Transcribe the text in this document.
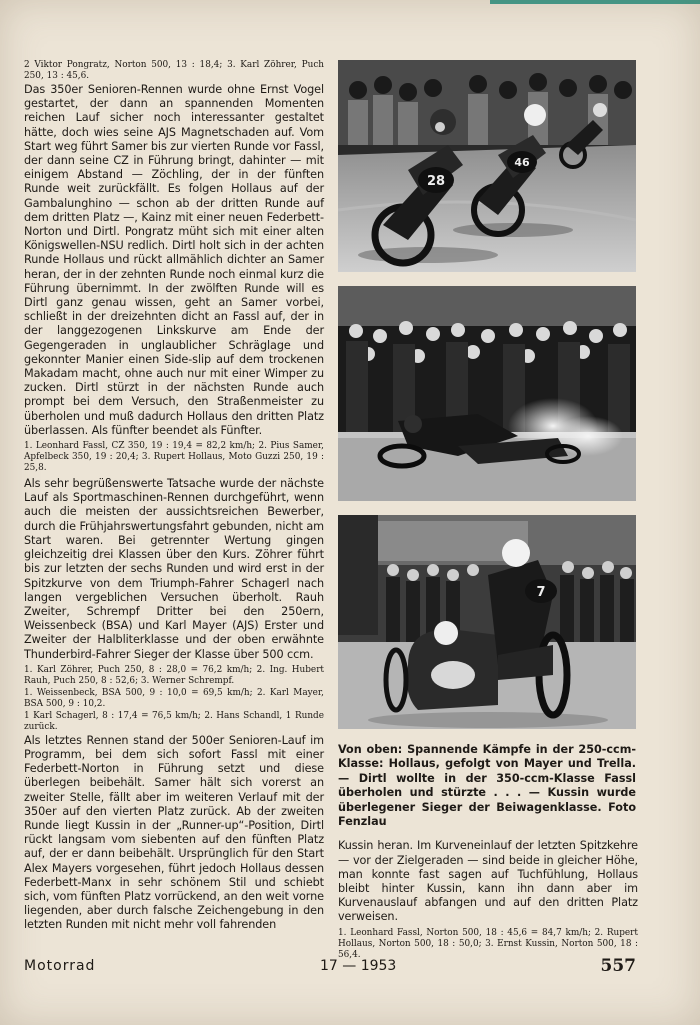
2 Viktor Pongratz, Norton 500, 13 : 18,4; 3. Karl Zöhrer, Puch 250, 13 : 45,6.

Das 350er Senioren-Rennen wurde ohne Ernst Vogel gestartet, der dann an spannenden Momenten reichen Lauf sicher noch interessanter gestaltet hätte, doch wies seine AJS Magnetschaden auf. Vom Start weg führt Samer bis zur vierten Runde vor Fassl, der dann seine CZ in Führung bringt, dahinter — mit einigem Abstand — Zöchling, der in der fünften Runde weit zurückfällt. Es folgen Hollaus auf der Gambalunghino — schon ab der dritten Runde auf dem dritten Platz —, Kainz mit einer neuen Federbett-Norton und Dirtl. Pongratz müht sich mit einer alten Königswellen-NSU redlich. Dirtl holt sich in der achten Runde Hollaus und rückt allmählich dichter an Samer heran, der in der zehnten Runde noch einmal kurz die Führung übernimmt. In der zwölften Runde will es Dirtl ganz genau wissen, geht an Samer vorbei, schließt in der dreizehnten dicht an Fassl auf, der in der langgezogenen Linkskurve am Ende der Gegengeraden in unglaublicher Schräglage und gekonnter Manier einen Side-slip auf dem trockenen Makadam macht, ohne auch nur mit einer Wimper zu zucken. Dirtl stürzt in der nächsten Runde auch prompt bei dem Versuch, den Straßenmeister zu überholen und muß dadurch Hollaus den dritten Platz überlassen. Als fünfter beendet als Fünfter.

1. Leonhard Fassl, CZ 350, 19 : 19,4 = 82,2 km/h; 2. Pius Samer, Apfelbeck 350, 19 : 20,4; 3. Rupert Hollaus, Moto Guzzi 250, 19 : 25,8.

Als sehr begrüßenswerte Tatsache wurde der nächste Lauf als Sportmaschinen-Rennen durchgeführt, wenn auch die meisten der aussichtsreichen Bewerber, durch die Frühjahrswertungsfahrt gebunden, nicht am Start waren. Bei getrennter Wertung gingen gleichzeitig drei Klassen über den Kurs. Zöhrer führt bis zur letzten der sechs Runden und wird erst in der Spitzkurve von dem Triumph-Fahrer Schagerl nach langen vergeblichen Versuchen überholt. Rauh Zweiter, Schrempf Dritter bei den 250ern, Weissenbeck (BSA) und Karl Mayer (AJS) Erster und Zweiter der Halbliterklasse und der oben erwähnte Thunderbird-Fahrer Sieger der Klasse über 500 ccm.

1. Karl Zöhrer, Puch 250, 8 : 28,0 = 76,2 km/h; 2. Ing. Hubert Rauh, Puch 250, 8 : 52,6; 3. Werner Schrempf.

1. Weissenbeck, BSA 500, 9 : 10,0 = 69,5 km/h; 2. Karl Mayer, BSA 500, 9 : 10,2.

1 Karl Schagerl, 8 : 17,4 = 76,5 km/h; 2. Hans Schandl, 1 Runde zurück.

Als letztes Rennen stand der 500er Senioren-Lauf im Programm, bei dem sich sofort Fassl mit einer Federbett-Norton in Führung setzt und diese überlegen beibehält. Samer hält sich vorerst an zweiter Stelle, fällt aber im weiteren Verlauf mit der 350er auf den vierten Platz zurück. Ab der zweiten Runde liegt Kussin in der „Runner-up“-Position, Dirtl rückt langsam vom siebenten auf den fünften Platz auf, der er dann beibehält. Ursprünglich für den Start Alex Mayers vorgesehen, führt jedoch Hollaus dessen Federbett-Manx in sehr schönem Stil und schiebt sich, vom fünften Platz vorrückend, an den weit vorne liegenden, aber durch falsche Zeichengebung in den letzten Runden mit nicht mehr voll fahrenden

28
46
7

Von oben: Spannende Kämpfe in der 250-ccm-Klasse: Hollaus, gefolgt von Mayer und Trella. — Dirtl wollte in der 350-ccm-Klasse Fassl überholen und stürzte . . . — Kussin wurde überlegener Sieger der Beiwagenklasse. Foto Fenzlau

Kussin heran. Im Kurveneinlauf der letzten Spitzkehre — vor der Zielgeraden — sind beide in gleicher Höhe, man konnte fast sagen auf Tuchfühlung, Hollaus bleibt hinter Kussin, kann ihn dann aber im Kurvenauslauf abfangen und auf den dritten Platz verweisen.

1. Leonhard Fassl, Norton 500, 18 : 45,6 = 84,7 km/h; 2. Rupert Hollaus, Norton 500, 18 : 50,0; 3. Ernst Kussin, Norton 500, 18 : 56,4.

Motorrad	17 — 1953	557
